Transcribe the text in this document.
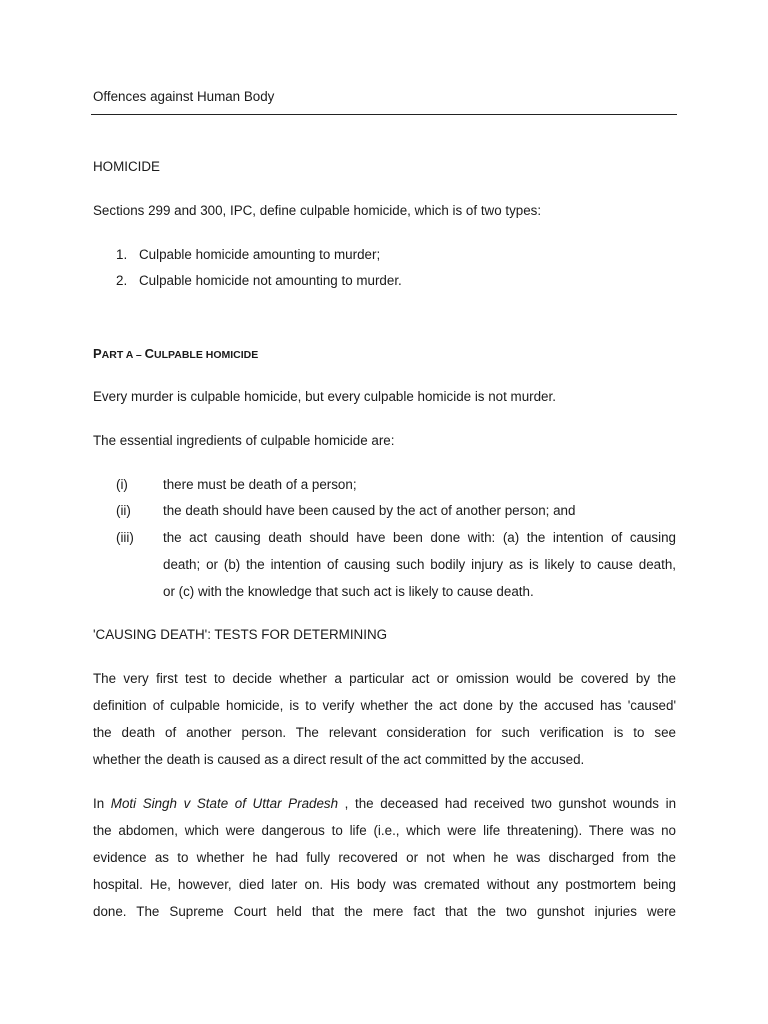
Offences against Human Body
HOMICIDE
Sections 299 and 300, IPC, define culpable homicide, which is of two types:
1. Culpable homicide amounting to murder;
2. Culpable homicide not amounting to murder.
PART A – CULPABLE HOMICIDE
Every murder is culpable homicide, but every culpable homicide is not murder.
The essential ingredients of culpable homicide are:
(i)	there must be death of a person;
(ii) the death should have been caused by the act of another person; and
(iii) the act causing death should have been done with: (a) the intention of causing
death; or (b) the intention of causing such bodily injury as is likely to cause death,
or (c) with the knowledge that such act is likely to cause death.
'CAUSING DEATH': TESTS FOR DETERMINING
The very first test to decide whether a particular act or omission would be covered by the
definition of culpable homicide, is to verify whether the act done by the accused has 'caused'
the death of another person. The relevant consideration for such verification is to see
whether the death is caused as a direct result of the act committed by the accused.
In Moti Singh v State of Uttar Pradesh , the deceased had received two gunshot wounds in
the abdomen, which were dangerous to life (i.e., which were life threatening). There was no
evidence as to whether he had fully recovered or not when he was discharged from the
hospital. He, however, died later on. His body was cremated without any postmortem being
done. The Supreme Court held that the mere fact that the two gunshot injuries were
